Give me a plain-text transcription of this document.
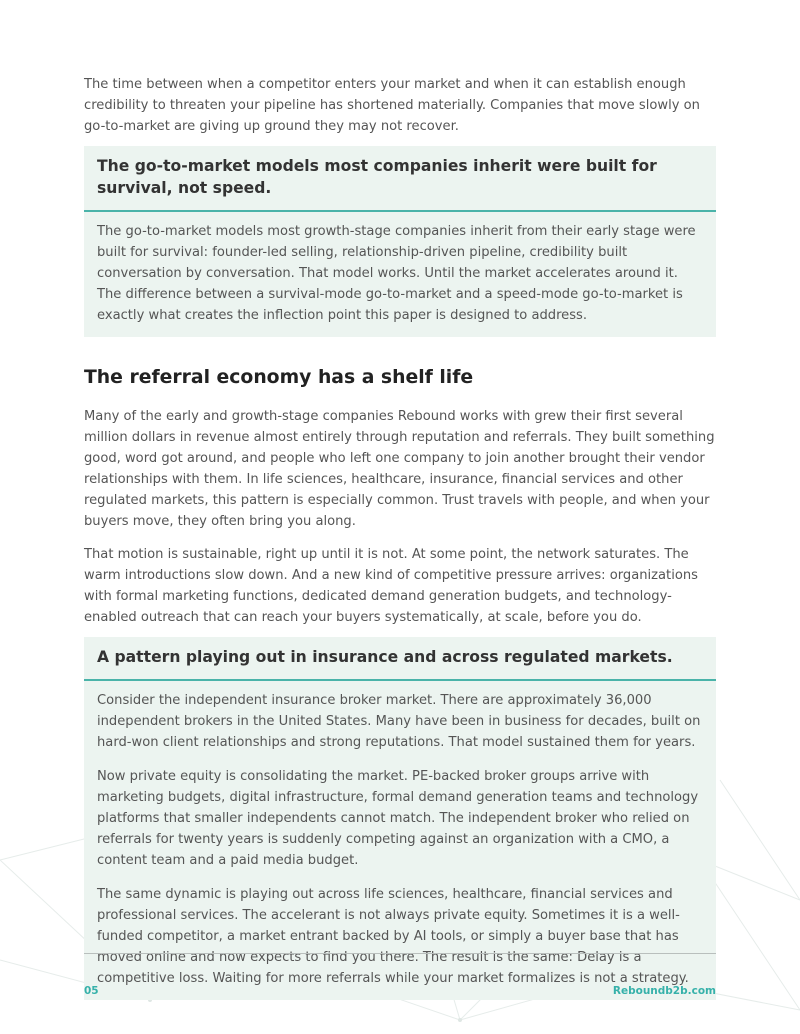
The time between when a competitor enters your market and when it can establish enough credibility to threaten your pipeline has shortened materially. Companies that move slowly on go-to-market are giving up ground they may not recover.

The go-to-market models most companies inherit were built for survival, not speed.

The go-to-market models most growth-stage companies inherit from their early stage were built for survival: founder-led selling, relationship-driven pipeline, credibility built conversation by conversation. That model works. Until the market accelerates around it. The difference between a survival-mode go-to-market and a speed-mode go-to-market is exactly what creates the inflection point this paper is designed to address.

The referral economy has a shelf life

Many of the early and growth-stage companies Rebound works with grew their first several million dollars in revenue almost entirely through reputation and referrals. They built something good, word got around, and people who left one company to join another brought their vendor relationships with them. In life sciences, healthcare, insurance, financial services and other regulated markets, this pattern is especially common. Trust travels with people, and when your buyers move, they often bring you along.

That motion is sustainable, right up until it is not. At some point, the network saturates. The warm introductions slow down. And a new kind of competitive pressure arrives: organizations with formal marketing functions, dedicated demand generation budgets, and technology-enabled outreach that can reach your buyers systematically, at scale, before you do.

A pattern playing out in insurance and across regulated markets.

Consider the independent insurance broker market. There are approximately 36,000 independent brokers in the United States. Many have been in business for decades, built on hard-won client relationships and strong reputations. That model sustained them for years.

Now private equity is consolidating the market. PE-backed broker groups arrive with marketing budgets, digital infrastructure, formal demand generation teams and technology platforms that smaller independents cannot match. The independent broker who relied on referrals for twenty years is suddenly competing against an organization with a CMO, a content team and a paid media budget.

The same dynamic is playing out across life sciences, healthcare, financial services and professional services. The accelerant is not always private equity. Sometimes it is a well-funded competitor, a market entrant backed by AI tools, or simply a buyer base that has moved online and now expects to find you there. The result is the same: Delay is a competitive loss. Waiting for more referrals while your market formalizes is not a strategy.

05	Reboundb2b.com
